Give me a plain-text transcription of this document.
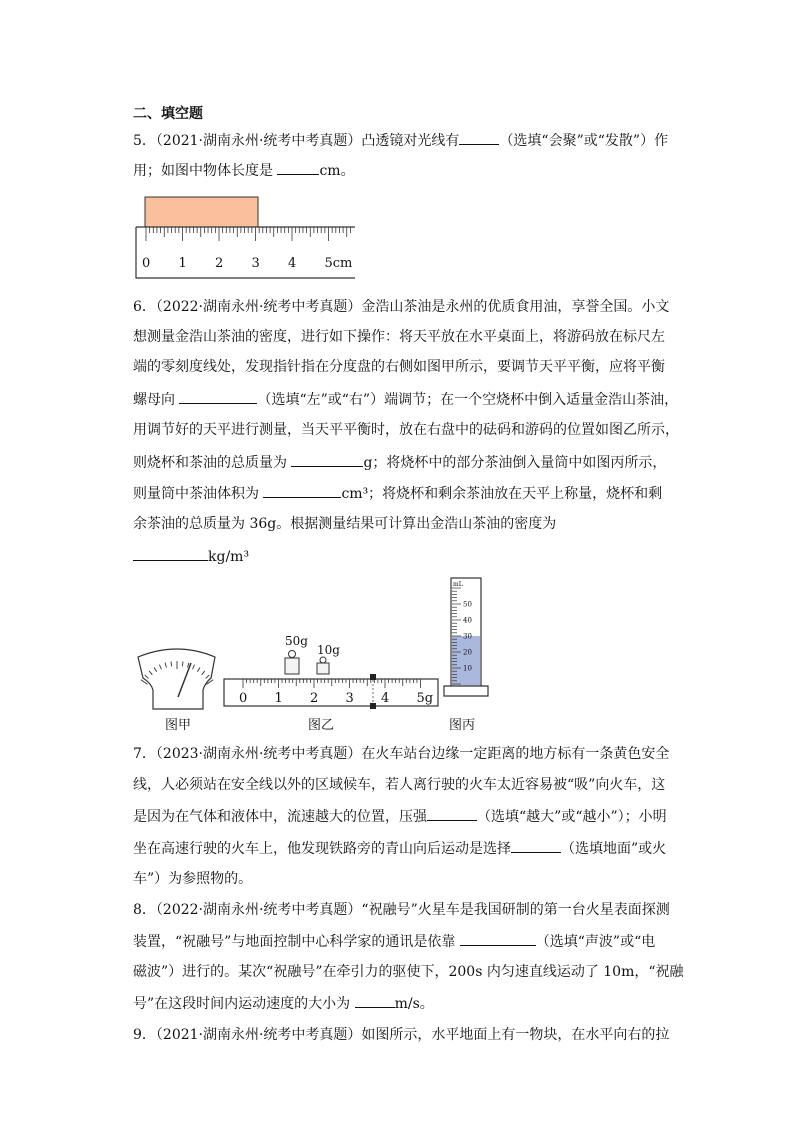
二、填空题
5．（2021·湖南永州·统考中考真题）凸透镜对光线有	（选填“会聚”或“发散”）作
用；如图中物体长度是	cm。
0 1 2 3 4 5cm
6．（2022·湖南永州·统考中考真题）金浩山茶油是永州的优质食用油，享誉全国。小文
想测量金浩山茶油的密度，进行如下操作：将天平放在水平桌面上，将游码放在标尺左
端的零刻度线处，发现指针指在分度盘的右侧如图甲所示，要调节天平平衡，应将平衡
螺母向	（选填“左”或“右”）端调节；在一个空烧杯中倒入适量金浩山茶油，
用调节好的天平进行测量，当天平平衡时，放在右盘中的砝码和游码的位置如图乙所示，
则烧杯和茶油的总质量为	g；将烧杯中的部分茶油倒入量筒中如图丙所示，
则量筒中茶油体积为	cm³；将烧杯和剩余茶油放在天平上称量，烧杯和剩
余茶油的总质量为 36g。根据测量结果可计算出金浩山茶油的密度为
kg/m³
图甲
50g
10g
0 1 2 3 4 5g
图乙
50
40
30
20
10
mL
图丙
7．（2023·湖南永州·统考中考真题）在火车站台边缘一定距离的地方标有一条黄色安全
线，人必须站在安全线以外的区域候车，若人离行驶的火车太近容易被“吸”向火车，这
是因为在气体和液体中，流速越大的位置，压强	（选填“越大”或“越小”）；小明
坐在高速行驶的火车上，他发现铁路旁的青山向后运动是选择	（选填地面”或火
车”）为参照物的。
8．（2022·湖南永州·统考中考真题）“祝融号”火星车是我国研制的第一台火星表面探测
装置，“祝融号”与地面控制中心科学家的通讯是依靠	（选填“声波”或“电
磁波”）进行的。某次“祝融号”在牵引力的驱使下，200s 内匀速直线运动了 10m，“祝融
号”在这段时间内运动速度的大小为	m/s。
9．（2021·湖南永州·统考中考真题）如图所示，水平地面上有一物块，在水平向右的拉
